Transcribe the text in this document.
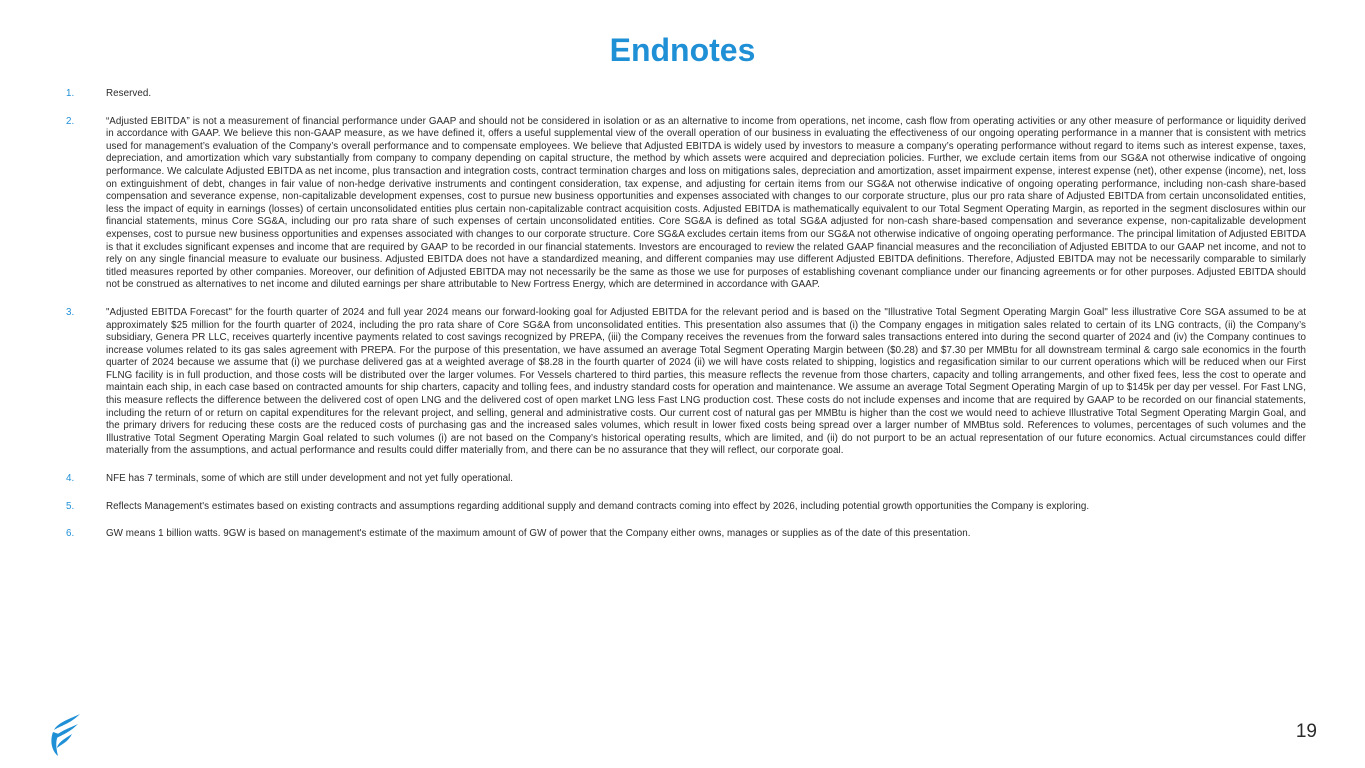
Endnotes
1.	Reserved.
2.	“Adjusted EBITDA” is not a measurement of financial performance under GAAP and should not be considered in isolation or as an alternative to income from operations, net income, cash flow from operating activities or any other measure of performance or liquidity derived in accordance with GAAP. We believe this non-GAAP measure, as we have defined it, offers a useful supplemental view of the overall operation of our business in evaluating the effectiveness of our ongoing operating performance in a manner that is consistent with metrics used for management’s evaluation of the Company’s overall performance and to compensate employees. We believe that Adjusted EBITDA is widely used by investors to measure a company’s operating performance without regard to items such as interest expense, taxes, depreciation, and amortization which vary substantially from company to company depending on capital structure, the method by which assets were acquired and depreciation policies. Further, we exclude certain items from our SG&A not otherwise indicative of ongoing performance. We calculate Adjusted EBITDA as net income, plus transaction and integration costs, contract termination charges and loss on mitigations sales, depreciation and amortization, asset impairment expense, interest expense (net), other expense (income), net, loss on extinguishment of debt, changes in fair value of non-hedge derivative instruments and contingent consideration, tax expense, and adjusting for certain items from our SG&A not otherwise indicative of ongoing operating performance, including non-cash share-based compensation and severance expense, non-capitalizable development expenses, cost to pursue new business opportunities and expenses associated with changes to our corporate structure, plus our pro rata share of Adjusted EBITDA from certain unconsolidated entities, less the impact of equity in earnings (losses) of certain unconsolidated entities plus certain non-capitalizable contract acquisition costs. Adjusted EBITDA is mathematically equivalent to our Total Segment Operating Margin, as reported in the segment disclosures within our financial statements, minus Core SG&A, including our pro rata share of such expenses of certain unconsolidated entities. Core SG&A is defined as total SG&A adjusted for non-cash share-based compensation and severance expense, non-capitalizable development expenses, cost to pursue new business opportunities and expenses associated with changes to our corporate structure. Core SG&A excludes certain items from our SG&A not otherwise indicative of ongoing operating performance. The principal limitation of Adjusted EBITDA is that it excludes significant expenses and income that are required by GAAP to be recorded in our financial statements. Investors are encouraged to review the related GAAP financial measures and the reconciliation of Adjusted EBITDA to our GAAP net income, and not to rely on any single financial measure to evaluate our business. Adjusted EBITDA does not have a standardized meaning, and different companies may use different Adjusted EBITDA definitions. Therefore, Adjusted EBITDA may not be necessarily comparable to similarly titled measures reported by other companies. Moreover, our definition of Adjusted EBITDA may not necessarily be the same as those we use for purposes of establishing covenant compliance under our financing agreements or for other purposes. Adjusted EBITDA should not be construed as alternatives to net income and diluted earnings per share attributable to New Fortress Energy, which are determined in accordance with GAAP.
3.	"Adjusted EBITDA Forecast" for the fourth quarter of 2024 and full year 2024 means our forward-looking goal for Adjusted EBITDA for the relevant period and is based on the "Illustrative Total Segment Operating Margin Goal" less illustrative Core SGA assumed to be at approximately $25 million for the fourth quarter of 2024, including the pro rata share of Core SG&A from unconsolidated entities. This presentation also assumes that (i) the Company engages in mitigation sales related to certain of its LNG contracts, (ii) the Company’s subsidiary, Genera PR LLC, receives quarterly incentive payments related to cost savings recognized by PREPA, (iii) the Company receives the revenues from the forward sales transactions entered into during the second quarter of 2024 and (iv) the Company continues to increase volumes related to its gas sales agreement with PREPA. For the purpose of this presentation, we have assumed an average Total Segment Operating Margin between ($0.28) and $7.30 per MMBtu for all downstream terminal & cargo sale economics in the fourth quarter of 2024 because we assume that (i) we purchase delivered gas at a weighted average of $8.28 in the fourth quarter of 2024 (ii) we will have costs related to shipping, logistics and regasification similar to our current operations which will be reduced when our First FLNG facility is in full production, and those costs will be distributed over the larger volumes. For Vessels chartered to third parties, this measure reflects the revenue from those charters, capacity and tolling arrangements, and other fixed fees, less the cost to operate and maintain each ship, in each case based on contracted amounts for ship charters, capacity and tolling fees, and industry standard costs for operation and maintenance. We assume an average Total Segment Operating Margin of up to $145k per day per vessel. For Fast LNG, this measure reflects the difference between the delivered cost of open LNG and the delivered cost of open market LNG less Fast LNG production cost. These costs do not include expenses and income that are required by GAAP to be recorded on our financial statements, including the return of or return on capital expenditures for the relevant project, and selling, general and administrative costs. Our current cost of natural gas per MMBtu is higher than the cost we would need to achieve Illustrative Total Segment Operating Margin Goal, and the primary drivers for reducing these costs are the reduced costs of purchasing gas and the increased sales volumes, which result in lower fixed costs being spread over a larger number of MMBtus sold. References to volumes, percentages of such volumes and the Illustrative Total Segment Operating Margin Goal related to such volumes (i) are not based on the Company’s historical operating results, which are limited, and (ii) do not purport to be an actual representation of our future economics. Actual circumstances could differ materially from the assumptions, and actual performance and results could differ materially from, and there can be no assurance that they will reflect, our corporate goal.
4.	NFE has 7 terminals, some of which are still under development and not yet fully operational.
5.	Reflects Management's estimates based on existing contracts and assumptions regarding additional supply and demand contracts coming into effect by 2026, including potential growth opportunities the Company is exploring.
6.	GW means 1 billion watts. 9GW is based on management's estimate of the maximum amount of GW of power that the Company either owns, manages or supplies as of the date of this presentation.
19
